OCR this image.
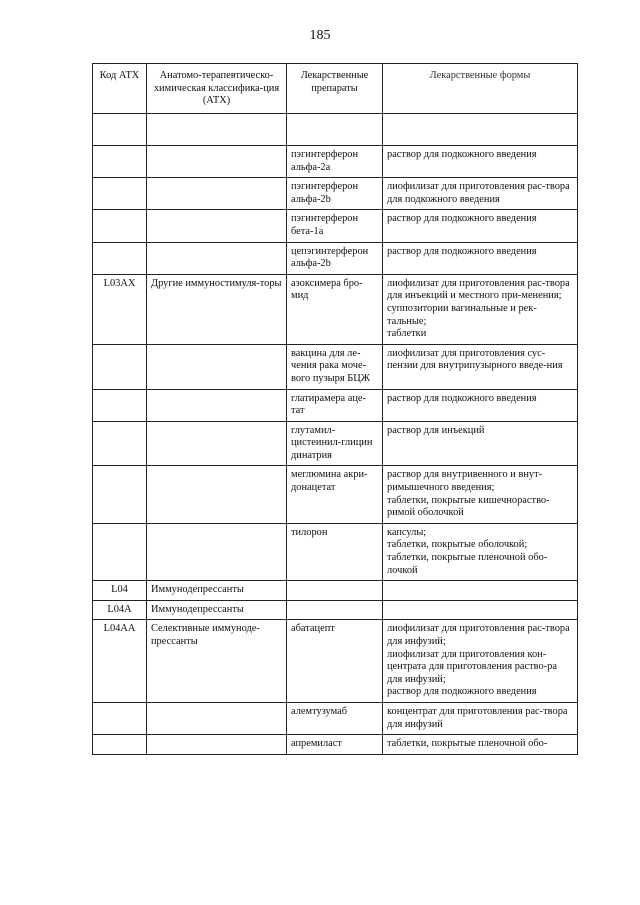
185
Код АТХ	Анатомо-терапевтическо-химическая классифика-ция (АТХ)	Лекарственные препараты	Лекарственные формы

		пэгинтерферон альфа-2а	раствор для подкожного введения

		пэгинтерферон альфа-2b	лиофилизат для приготовления рас-твора для подкожного введения

		пэгинтерферон бета-1а	раствор для подкожного введения

		цепэгинтерферон альфа-2b	раствор для подкожного введения

L03AX	Другие иммуностимуля-торы	азоксимера бро-мид	лиофилизат для приготовления рас-твора для инъекций и местного при-менения;
суппозитории вагинальные и рек-тальные;
таблетки

		вакцина для ле-чения рака моче-вого пузыря БЦЖ	лиофилизат для приготовления сус-пензии для внутрипузырного введе-ния

		глатирамера аце-тат	раствор для подкожного введения

		глутамил-цистеинил-глицин динатрия	раствор для инъекций

		меглюмина акри-донацетат	раствор для внутривенного и внут-римышечного введения;
таблетки, покрытые кишечнораство-римой оболочкой

		тилорон	капсулы;
таблетки, покрытые оболочкой;
таблетки, покрытые пленочной обо-лочкой

L04	Иммунодепрессанты		

L04A	Иммунодепрессанты		

L04AA	Селективные иммуноде-прессанты	абатацепт	лиофилизат для приготовления рас-твора для инфузий;
лиофилизат для приготовления кон-центрата для приготовления раство-ра для инфузий;
раствор для подкожного введения

		алемтузумаб	концентрат для приготовления рас-твора для инфузий

		апремиласт	таблетки, покрытые пленочной обо-
